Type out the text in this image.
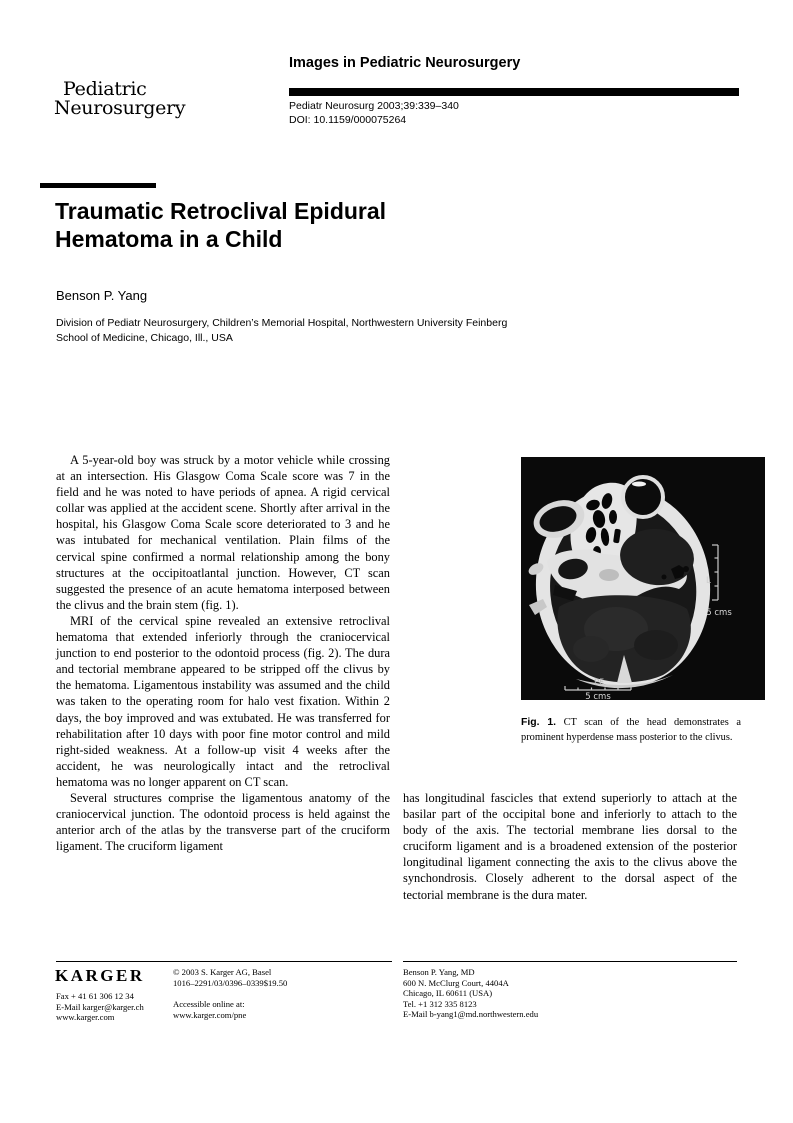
Pediatric
Neurosurgery
Images in Pediatric Neurosurgery
Pediatr Neurosurg 2003;39:339–340
DOI: 10.1159/000075264
Traumatic Retroclival Epidural
Hematoma in a Child
Benson P. Yang
Division of Pediatr Neurosurgery, Children’s Memorial Hospital, Northwestern University Feinberg School of Medicine, Chicago, Ill., USA

A 5-year-old boy was struck by a motor vehicle while crossing at an intersection. His Glasgow Coma Scale score was 7 in the field and he was noted to have periods of apnea. A rigid cervical collar was applied at the accident scene. Shortly after arrival in the hospital, his Glasgow Coma Scale score deteriorated to 3 and he was intubated for mechanical ventilation. Plain films of the cervical spine confirmed a normal relationship among the bony structures at the occipitoatlantal junction. However, CT scan suggested the presence of an acute hematoma interposed between the clivus and the brain stem (fig. 1).

MRI of the cervical spine revealed an extensive retroclival hematoma that extended inferiorly through the craniocervical junction to end posterior to the odontoid process (fig. 2). The dura and tectorial membrane appeared to be stripped off the clivus by the hematoma. Ligamentous instability was assumed and the child was taken to the operating room for halo vest fixation. Within 2 days, the boy improved and was extubated. He was transferred for rehabilitation after 10 days with poor fine motor control and mild right-sided weakness. At a follow-up visit 4 weeks after the accident, he was neurologically intact and the retroclival hematoma was no longer apparent on CT scan.

Several structures comprise the ligamentous anatomy of the craniocervical junction. The odontoid process is held against the anterior arch of the atlas by the transverse part of the cruciform ligament. The cruciform ligament

L
5 cms
PF
5 cms
Fig. 1. CT scan of the head demonstrates a prominent hyperdense mass posterior to the clivus.

has longitudinal fascicles that extend superiorly to attach at the basilar part of the occipital bone and inferiorly to attach to the body of the axis. The tectorial membrane lies dorsal to the cruciform ligament and is a broadened extension of the posterior longitudinal ligament connecting the axis to the clivus above the synchondrosis. Closely adherent to the dorsal aspect of the tectorial membrane is the dura mater.

KARGER
Fax + 41 61 306 12 34
E-Mail karger@karger.ch
www.karger.com
© 2003 S. Karger AG, Basel
1016–2291/03/0396–0339$19.50
Accessible online at:
www.karger.com/pne
Benson P. Yang, MD
600 N. McClurg Court, 4404A
Chicago, IL 60611 (USA)
Tel. +1 312 335 8123
E-Mail b-yang1@md.northwestern.edu
